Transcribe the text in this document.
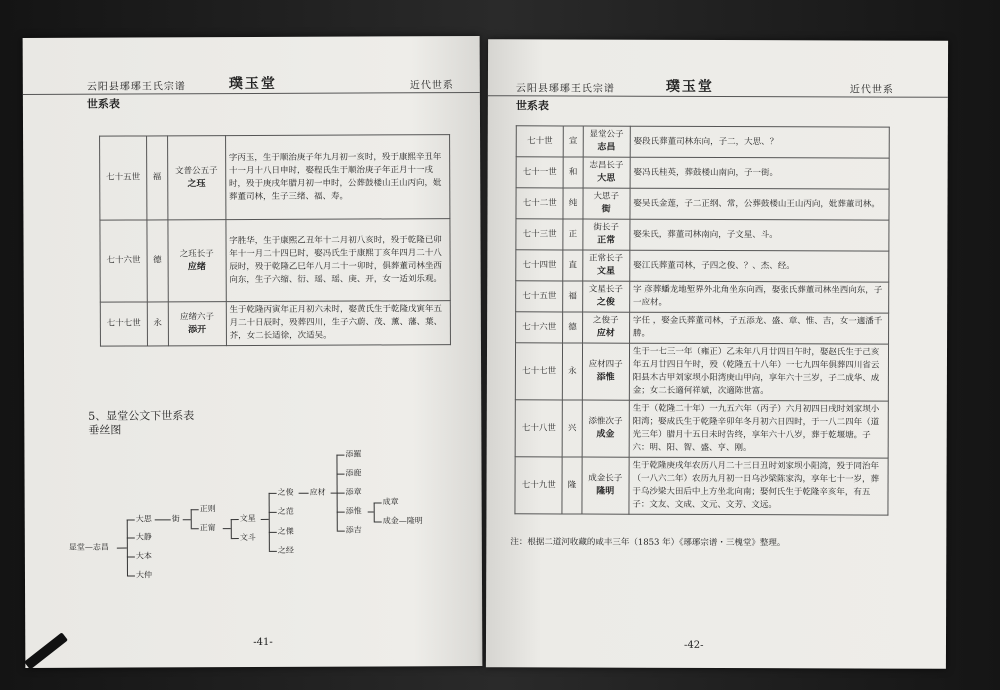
云阳县琊琊王氏宗谱	璞玉堂	近代世系
世系表
七十五世	福	文普公五子
之珏	字丙玉，生于顺治庚子年九月初一亥时，殁于康熙辛丑年十一月十八日申时，娶程氏生于顺治庚子年正月十一戌时，殁于庚戌年腊月初一申时，公葬鼓楼山王山丙向，妣葬董司林，生子三绪、福、寿。
七十六世	德	之珏长子
应绪	字胜华，生于康熙乙丑年十二月初八亥时，殁于乾隆已卯年十一月二十四巳时，娶冯氏生于康熙丁亥年四月二十八辰时，殁于乾隆乙巳年八月二十一卯时，俱葬董司林坐西向东，生子六缩、衍、瑶、瑶、庚、开，女一适刘乐观。
七十七世	永	应绪六子
添开	生于乾隆丙寅年正月初六未时，娶黄氏生于乾隆戊寅年五月二十日辰时，殁葬四川，生子六蔚、茂、薰、藩、葉、芥，女二长适徐，次适吴。
5、显堂公文下世系表
垂丝图
显堂—志昌
大思
大静
大本
大仲
街
正则
正甯
文星
文斗
之俊
之范
之傑
之经
应材
添羅
添鹿
添章
添惟
添吉
成章
成金—隆明
-41-
云阳县琊琊王氏宗谱	璞玉堂	近代世系
世系表
七十世	宣	显堂公子
志昌	娶段氏葬董司林东向，子二，大思、？
七十一世	和	志昌长子
大思	娶冯氏桂英，葬鼓楼山南向，子一街。
七十二世	纯	大思子
街	娶吴氏金莲，子二正纲、常，公葬鼓楼山王山丙向，妣葬董司林。
七十三世	正	街长子
正常	娶朱氏，葬董司林南向，子文星、斗。
七十四世	直	正常长子
文星	娶江氏葬董司林，子四之俊、？、杰、经。
七十五世	福	文星长子
之俊	字 彦葬蟠龙地堑界外北角坐东向西，娶张氏葬董司林坐西向东，子一应材。
七十六世	德	之俊子
应材	字任 ，娶金氏葬董司林，子五添龙、盛、章、惟、吉，女一適潘千勝。
七十七世	永	应材四子
添惟	生于一七三一年（雍正）乙未年八月廿四日午时，娶赵氏生于己亥年五月廿四日午时，殁（乾隆五十八年）一七九四年俱葬四川省云阳县木古甲刘家坝小阳湾庚山甲向，享年六十三岁，子二成华、成金；女二长適何祥斌，次適陈世富。
七十八世	兴	添惟次子
成金	生于（乾隆二十年）一九五六年（丙子）六月初四日戌时刘家坝小阳湾；娶成氏生于乾隆辛卯年冬月初六日四时，于一八二四年（道光三年）腊月十五日未时告终，享年六十八岁，葬于乾堰塘。子六：明、阳、智、盛、亨、刚。
七十九世	隆	成金长子
隆明	生于乾隆庚戌年农历八月二十三日丑时刘家坝小阳湾，殁于同治年（一八六二年）农历九月初一日乌沙梁陈家沟，享年七十一岁，葬于乌沙梁大田后中上方坐北向南；娶何氏生于乾隆辛亥年，有五子：文友、文成、文元、文芳、文远。
注：根据二道河收藏的咸丰三年（1853 年）《琊琊宗谱・三槐堂》整理。
-42-
